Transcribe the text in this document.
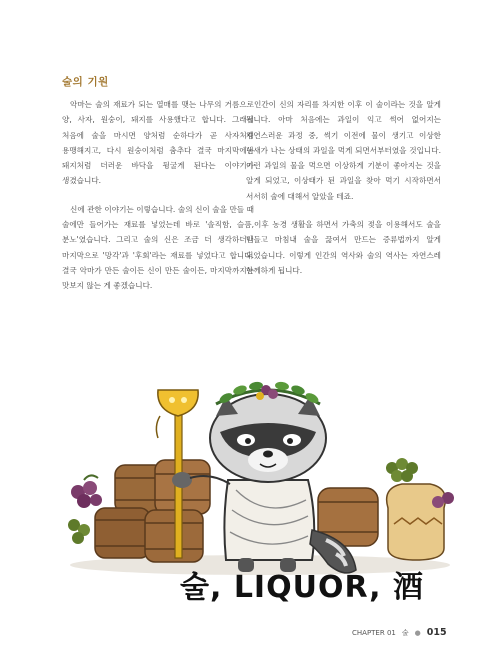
술의 기원

악마는 술의 재료가 되는 열매를 맺는 나무의 거름으로 양, 사자, 원숭이, 돼지를 사용했다고 합니다. 그래서 처음에 술을 마시면 양처럼 순하다가 곧 사자처럼 용맹해지고, 다시 원숭이처럼 춤추다 결국 마지막에는 돼지처럼 더러운 바닥을 뒹굴게 된다는 이야기가 생겼습니다.

신에 관한 이야기는 이렇습니다. 술의 신이 술을 만들 때 술에만 들어가는 재료를 넣었는데 바로 '솔직함, 슬픔, 분노'였습니다. 그리고 술의 신은 조금 더 생각하더니 마지막으로 '망각'과 '후회'라는 재료를 넣었다고 합니다. 결국 악마가 만든 술이든 신이 만든 술이든, 마지막까지는 맛보지 않는 게 좋겠습니다.

인간이 신의 자리를 차지한 이후 이 술이라는 것을 알게 됩니다. 아마 처음에는 과일이 익고 썩어 없어지는 자연스러운 과정 중, 썩기 이전에 물이 생기고 이상한 냄새가 나는 상태의 과일을 먹게 되면서부터였을 것입니다. 이런 과일의 물을 먹으면 이상하게 기분이 좋아지는 것을 알게 되었고, 이상태가 된 과일을 찾아 먹기 시작하면서 서서히 술에 대해서 알았을 테죠.

이후 농경 생활을 하면서 가축의 젖을 이용해서도 술을 만들고 마침내 술을 끓여서 만드는 증류법까지 알게 되었습니다. 이렇게 인간의 역사와 술의 역사는 자연스레 함께하게 됩니다.

술, LIQUOR, 酒
CHAPTER 01 술 ● 015
